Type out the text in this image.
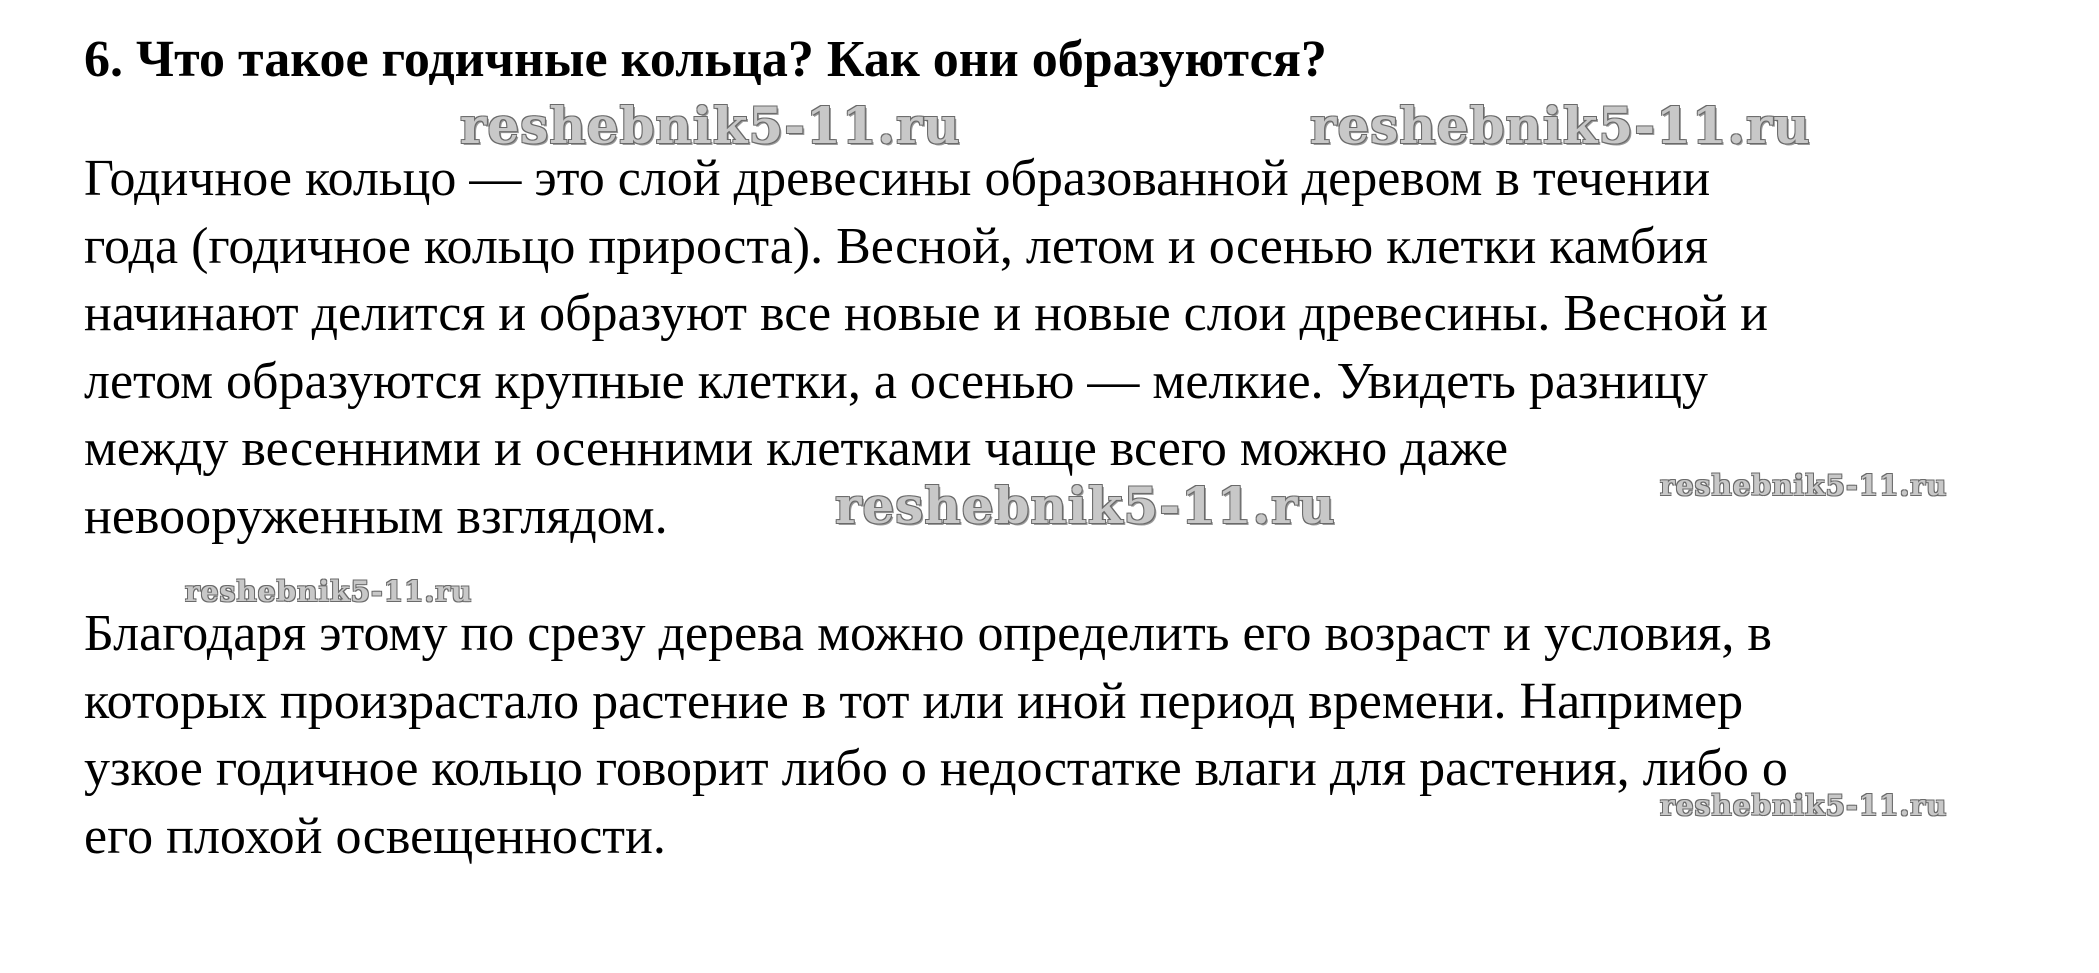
6. Что такое годичные кольца? Как они образуются?
reshebnik5-11.ru	reshebnik5-11.ru

Годичное кольцо — это слой древесины образованной деревом в течении
года (годичное кольцо прироста). Весной, летом и осенью клетки камбия
начинают делится и образуют все новые и новые слои древесины. Весной и
летом образуются крупные клетки, а осенью — мелкие. Увидеть разницу
между весенними и осенними клетками чаще всего можно даже
невооруженным взглядом.	reshebnik5-11.ru	reshebnik5-11.ru
reshebnik5-11.ru

Благодаря этому по срезу дерева можно определить его возраст и условия, в
которых произрастало растение в тот или иной период времени. Например
узкое годичное кольцо говорит либо о недостатке влаги для растения, либо о
его плохой освещенности.

reshebnik5-11.ru
